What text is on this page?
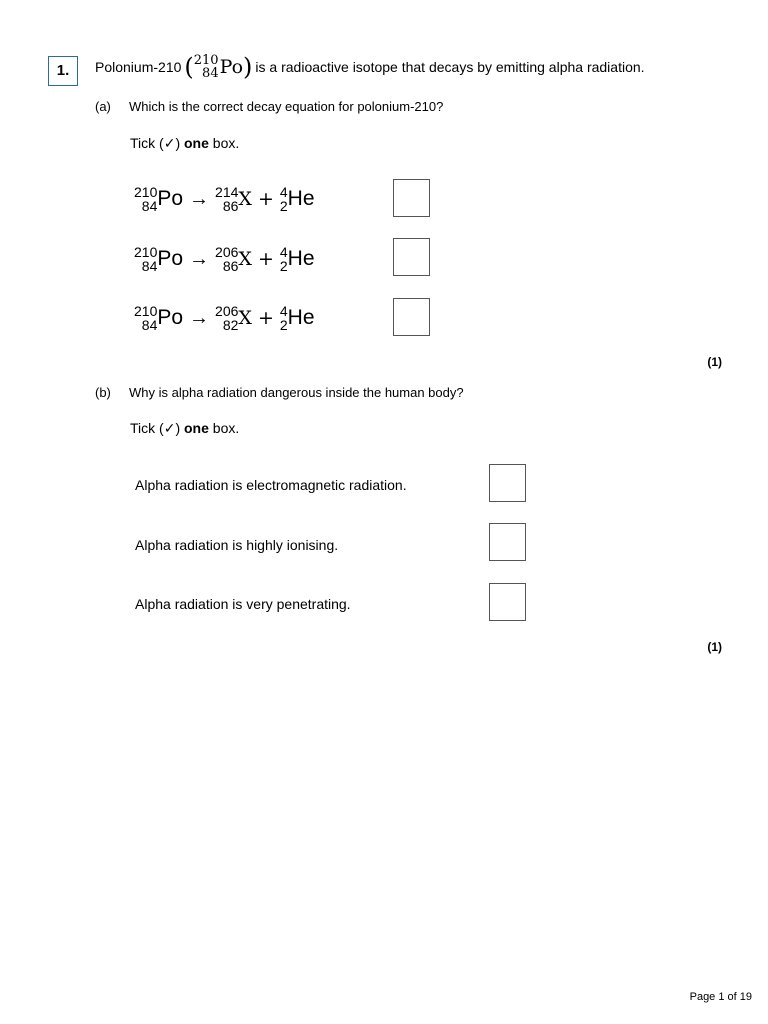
1.	Polonium-210 ( 210
84 Po ) is a radioactive isotope that decays by emitting alpha radiation.
(a) Which is the correct decay equation for polonium-210?
Tick (✓) one box.
210
84 Po → 214
86 X + 4
2 He
210
84 Po → 206
86 X + 4
2 He
210
84 Po → 206
82 X + 4
2 He
(1)
(b) Why is alpha radiation dangerous inside the human body?
Tick (✓) one box.
Alpha radiation is electromagnetic radiation.
Alpha radiation is highly ionising.
Alpha radiation is very penetrating.
(1)
Page 1 of 19
